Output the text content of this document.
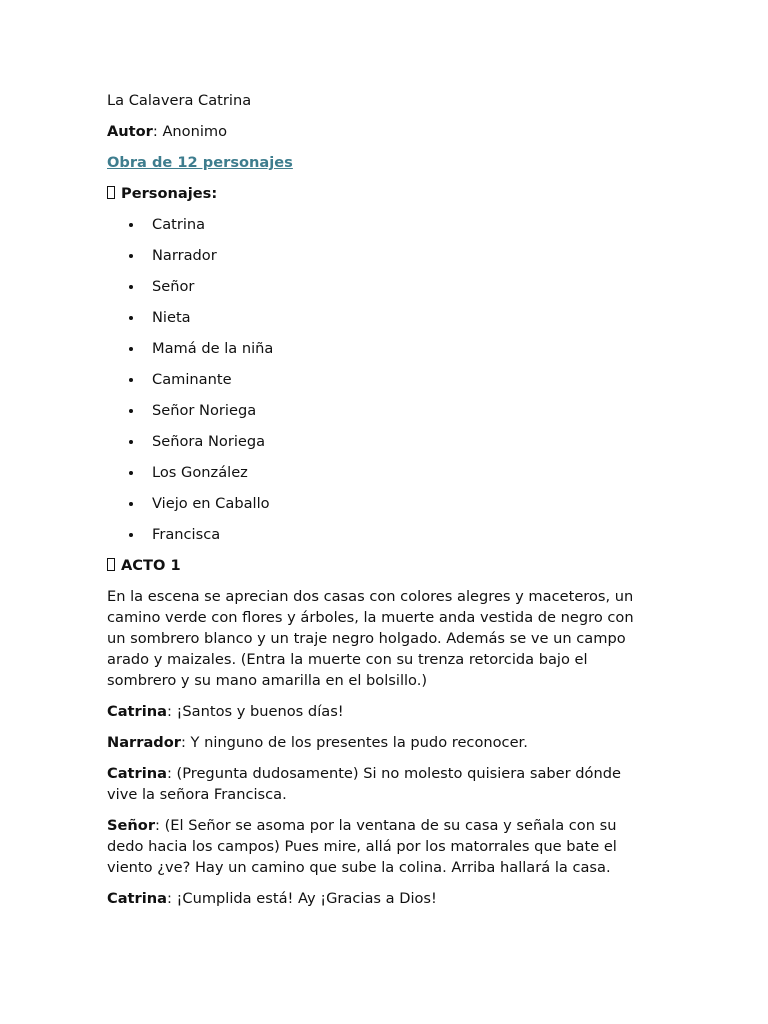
La Calavera Catrina

Autor: Anonimo

Obra de 12 personajes

Personajes:

Catrina
Narrador
Señor
Nieta
Mamá de la niña
Caminante
Señor Noriega
Señora Noriega
Los González
Viejo en Caballo
Francisca

ACTO 1

En la escena se aprecian dos casas con colores alegres y maceteros, un camino verde con flores y árboles, la muerte anda vestida de negro con un sombrero blanco y un traje negro holgado. Además se ve un campo arado y maizales. (Entra la muerte con su trenza retorcida bajo el sombrero y su mano amarilla en el bolsillo.)

Catrina: ¡Santos y buenos días!

Narrador: Y ninguno de los presentes la pudo reconocer.

Catrina: (Pregunta dudosamente) Si no molesto quisiera saber dónde vive la señora Francisca.

Señor: (El Señor se asoma por la ventana de su casa y señala con su dedo hacia los campos) Pues mire, allá por los matorrales que bate el viento ¿ve? Hay un camino que sube la colina. Arriba hallará la casa.

Catrina: ¡Cumplida está! Ay ¡Gracias a Dios!
